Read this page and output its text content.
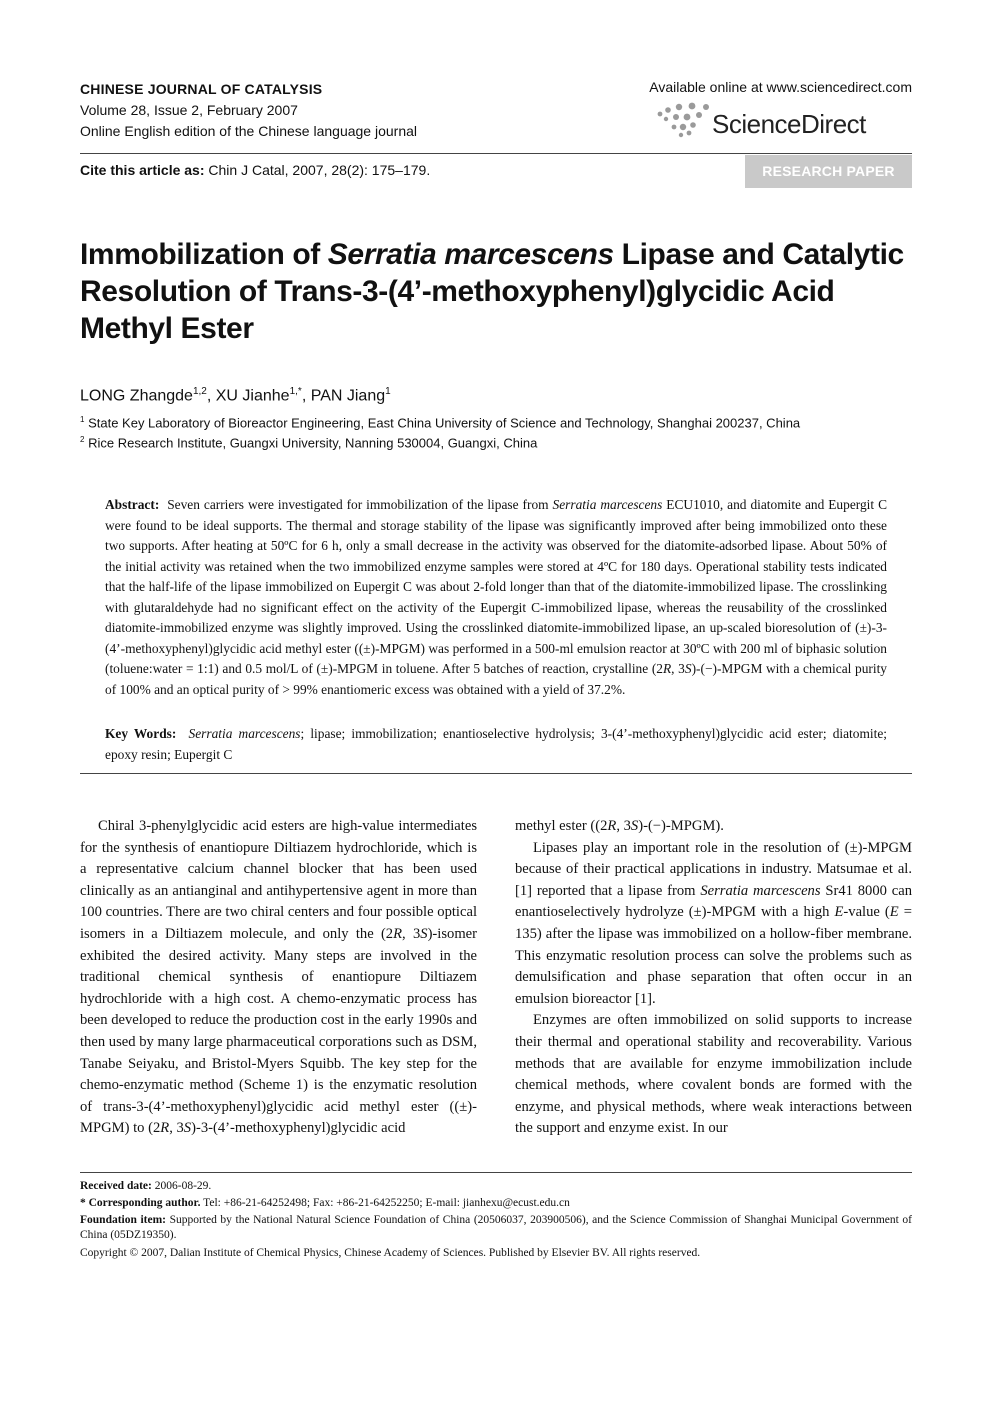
CHINESE JOURNAL OF CATALYSIS
Volume 28, Issue 2, February 2007
Online English edition of the Chinese language journal
Available online at www.sciencedirect.com
ScienceDirect
Cite this article as: Chin J Catal, 2007, 28(2): 175–179.	RESEARCH PAPER
Immobilization of Serratia marcescens Lipase and Catalytic Resolution of Trans-3-(4’-methoxyphenyl)glycidic Acid Methyl Ester
LONG Zhangde$^{1,2}$, XU Jianhe$^{1,*}$, PAN Jiang$^1$
$^1$ State Key Laboratory of Bioreactor Engineering, East China University of Science and Technology, Shanghai 200237, China
$^2$ Rice Research Institute, Guangxi University, Nanning 530004, Guangxi, China
Abstract: Seven carriers were investigated for immobilization of the lipase from Serratia marcescens ECU1010, and diatomite and Eupergit C were found to be ideal supports. The thermal and storage stability of the lipase was significantly improved after being immobilized onto these two supports. After heating at 50ºC for 6 h, only a small decrease in the activity was observed for the diatomite-adsorbed lipase. About 50% of the initial activity was retained when the two immobilized enzyme samples were stored at 4ºC for 180 days. Operational stability tests indicated that the half-life of the lipase immobilized on Eupergit C was about 2-fold longer than that of the diatomite-immobilized lipase. The crosslinking with glutaraldehyde had no significant effect on the activity of the Eupergit C-immobilized lipase, whereas the reusability of the crosslinked diatomite-immobilized enzyme was slightly improved. Using the crosslinked diatomite-immobilized lipase, an up-scaled bioresolution of (±)-3-(4’-methoxyphenyl)glycidic acid methyl ester ((±)-MPGM) was performed in a 500-ml emulsion reactor at 30ºC with 200 ml of biphasic solution (toluene:water = 1:1) and 0.5 mol/L of (±)-MPGM in toluene. After 5 batches of reaction, crystalline (2R, 3S)-(−)-MPGM with a chemical purity of 100% and an optical purity of > 99% enantiomeric excess was obtained with a yield of 37.2%.
Key Words: Serratia marcescens; lipase; immobilization; enantioselective hydrolysis; 3-(4’-methoxyphenyl)glycidic acid ester; diatomite; epoxy resin; Eupergit C

Chiral 3-phenylglycidic acid esters are high-value intermediates for the synthesis of enantiopure Diltiazem hydrochloride, which is a representative calcium channel blocker that has been used clinically as an antianginal and antihypertensive agent in more than 100 countries. There are two chiral centers and four possible optical isomers in a Diltiazem molecule, and only the (2R, 3S)-isomer exhibited the desired activity. Many steps are involved in the traditional chemical synthesis of enantiopure Diltiazem hydrochloride with a high cost. A chemo-enzymatic process has been developed to reduce the production cost in the early 1990s and then used by many large pharmaceutical corporations such as DSM, Tanabe Seiyaku, and Bristol-Myers Squibb. The key step for the chemo-enzymatic method (Scheme 1) is the enzymatic resolution of trans-3-(4’-methoxyphenyl)glycidic acid methyl ester ((±)-MPGM) to (2R, 3S)-3-(4’-methoxyphenyl)glycidic acid

methyl ester ((2R, 3S)-(−)-MPGM).

Lipases play an important role in the resolution of (±)-MPGM because of their practical applications in industry. Matsumae et al. [1] reported that a lipase from Serratia marcescens Sr41 8000 can enantioselectively hydrolyze (±)-MPGM with a high E-value (E = 135) after the lipase was immobilized on a hollow-fiber membrane. This enzymatic resolution process can solve the problems such as demulsification and phase separation that often occur in an emulsion bioreactor [1].

Enzymes are often immobilized on solid supports to increase their thermal and operational stability and recoverability. Various methods that are available for enzyme immobilization include chemical methods, where covalent bonds are formed with the enzyme, and physical methods, where weak interactions between the support and enzyme exist. In our

Received date: 2006-08-29.
* Corresponding author. Tel: +86-21-64252498; Fax: +86-21-64252250; E-mail: jianhexu@ecust.edu.cn
Foundation item: Supported by the National Natural Science Foundation of China (20506037, 203900506), and the Science Commission of Shanghai Municipal Government of China (05DZ19350).
Copyright © 2007, Dalian Institute of Chemical Physics, Chinese Academy of Sciences. Published by Elsevier BV. All rights reserved.
